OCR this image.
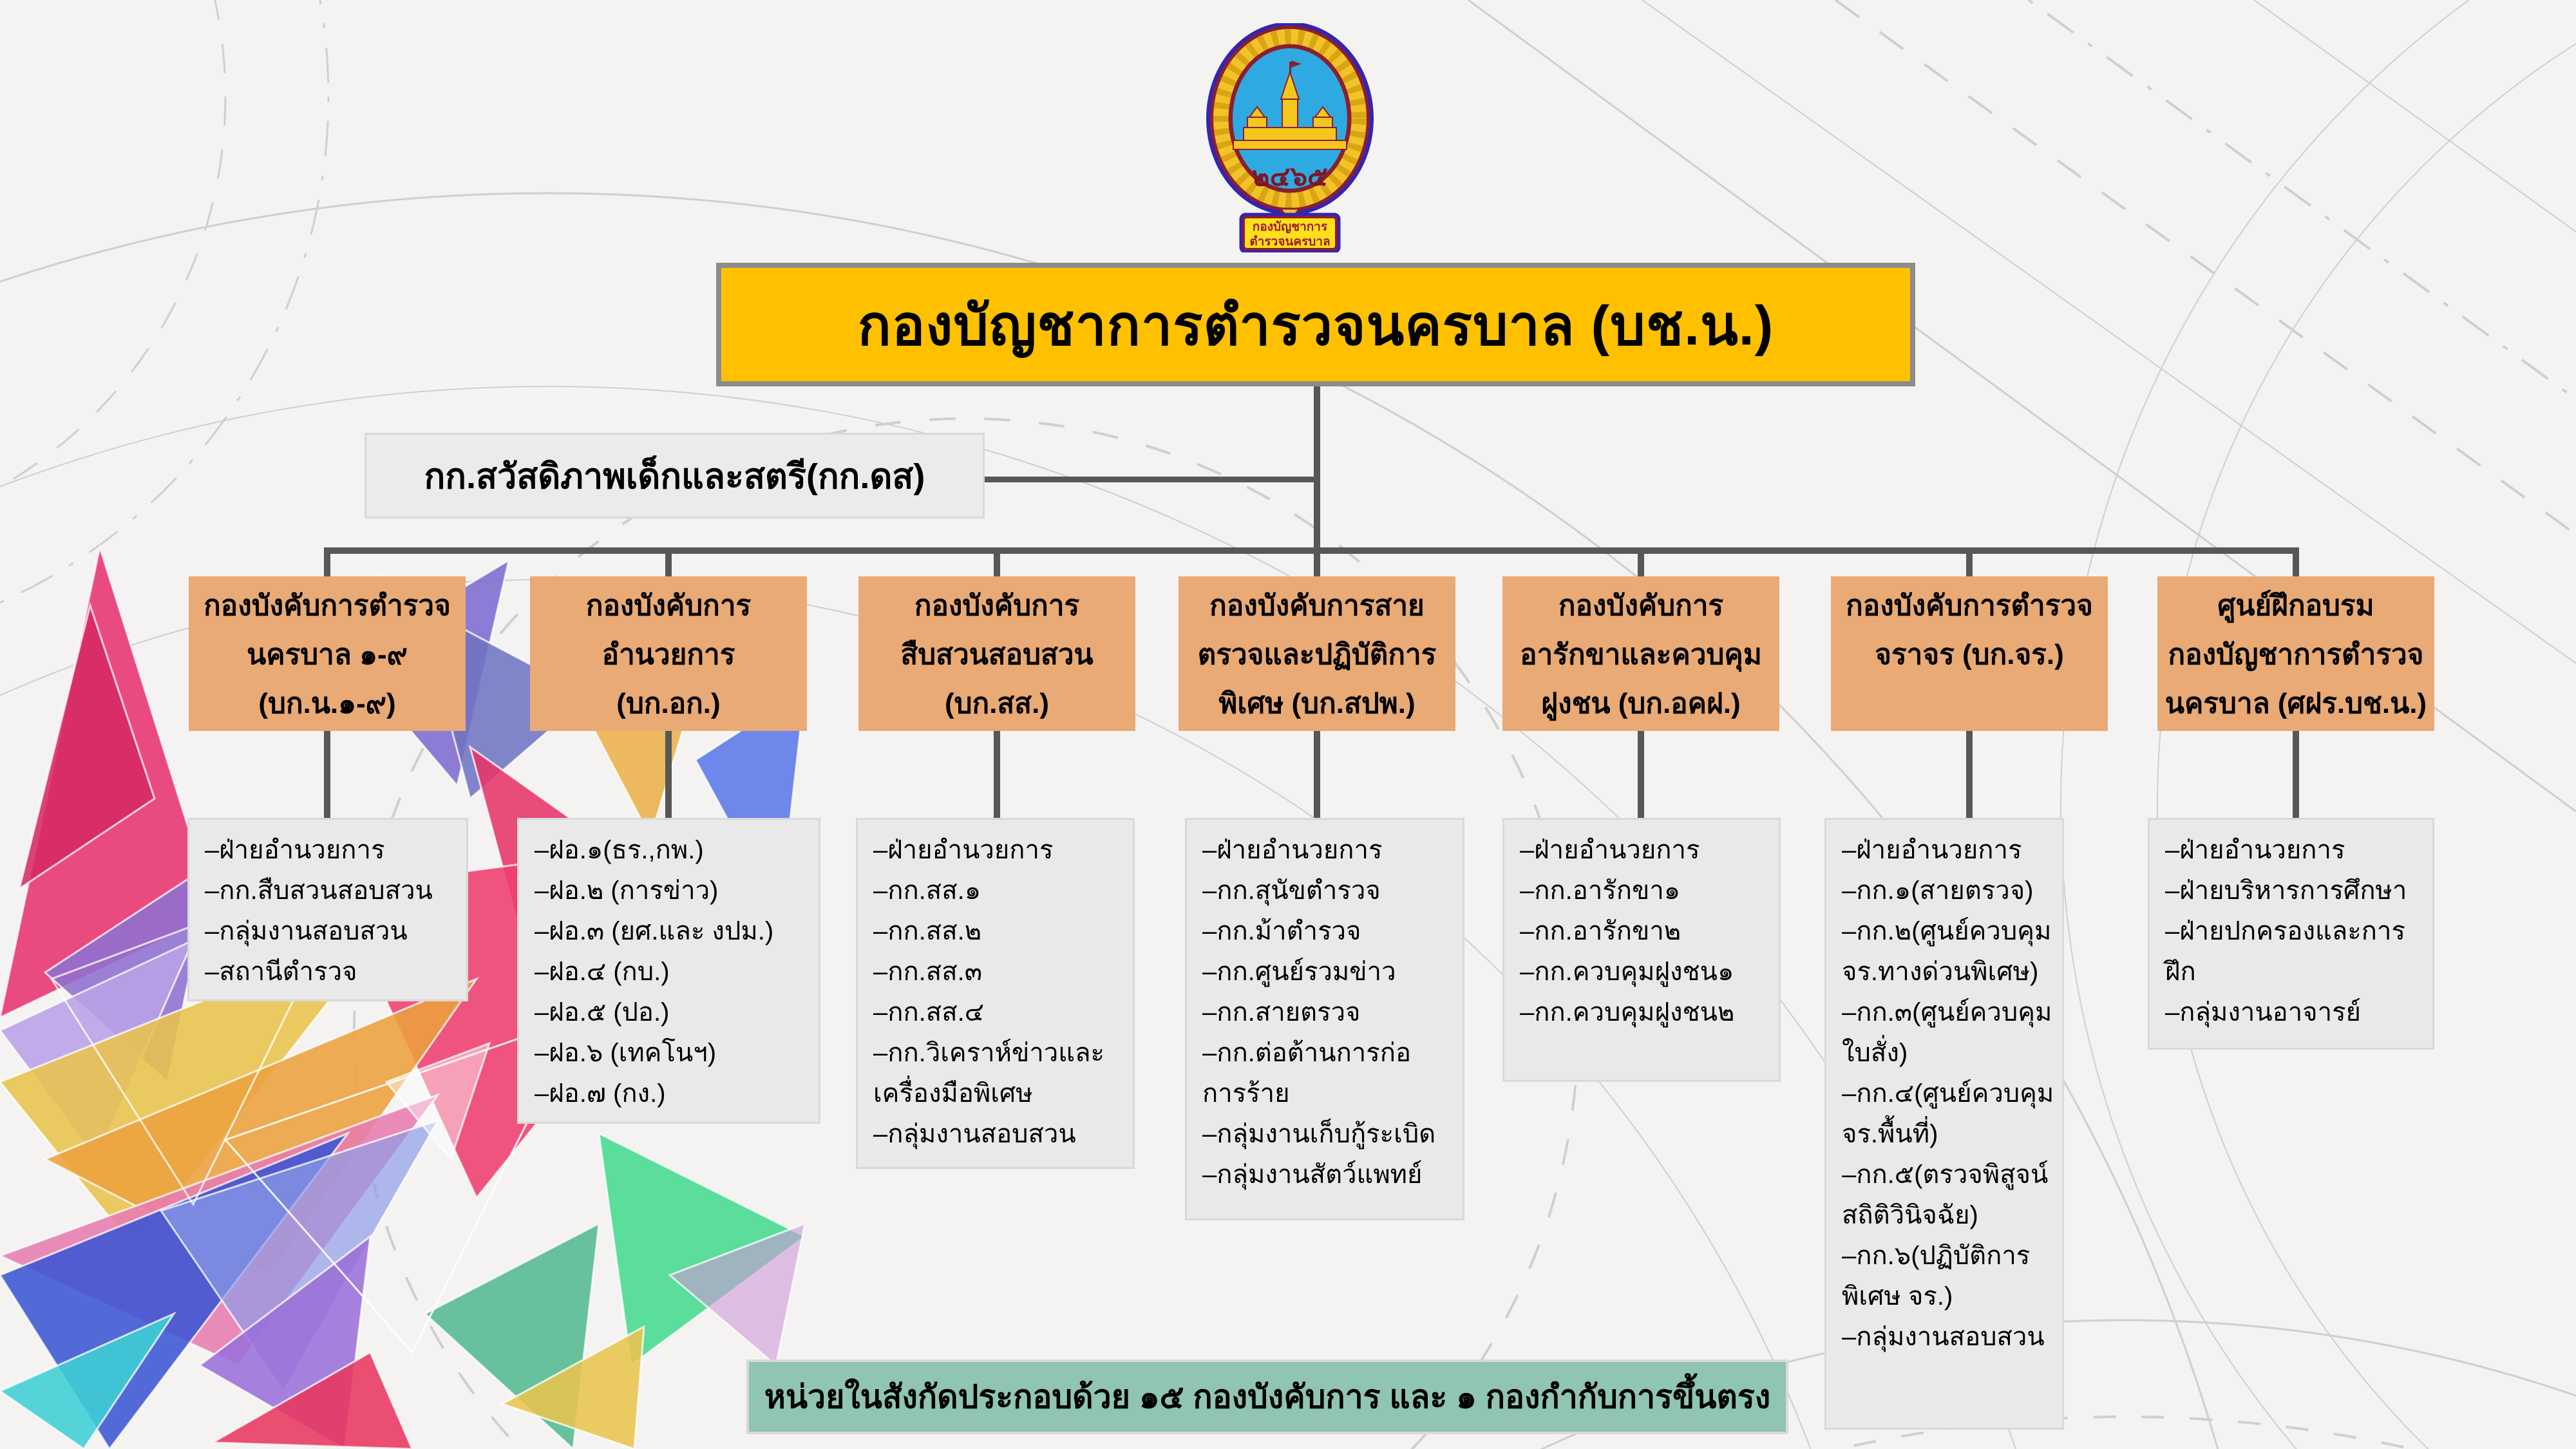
๒๔๖๕
กองบัญชาการ
ตำรวจนครบาล
กองบัญชาการตำรวจนครบาล (บช.น.)
กก.สวัสดิภาพเด็กและสตรี(กก.ดส)
กองบังคับการตำรวจ
นครบาล ๑-๙
(บก.น.๑-๙)
กองบังคับการ
อำนวยการ
(บก.อก.)
กองบังคับการ
สืบสวนสอบสวน
(บก.สส.)
กองบังคับการสาย
ตรวจและปฏิบัติการ
พิเศษ (บก.สปพ.)
กองบังคับการ
อารักขาและควบคุม
ฝูงชน (บก.อคฝ.)
กองบังคับการตำรวจ
จราจร (บก.จร.)
ศูนย์ฝึกอบรม
กองบัญชาการตำรวจ
นครบาล (ศฝร.บช.น.)
–ฝ่ายอำนวยการ
–กก.สืบสวนสอบสวน
–กลุ่มงานสอบสวน
–สถานีตำรวจ
–ฝอ.๑(ธร.,กพ.)
–ฝอ.๒ (การข่าว)
–ฝอ.๓ (ยศ.และ งปม.)
–ฝอ.๔ (กบ.)
–ฝอ.๕ (ปอ.)
–ฝอ.๖ (เทคโนฯ)
–ฝอ.๗ (กง.)
–ฝ่ายอำนวยการ
–กก.สส.๑
–กก.สส.๒
–กก.สส.๓
–กก.สส.๔
–กก.วิเคราห์ข่าวและ เครื่องมือพิเศษ
–กลุ่มงานสอบสวน
–ฝ่ายอำนวยการ
–กก.สุนัขตำรวจ
–กก.ม้าตำรวจ
–กก.ศูนย์รวมข่าว
–กก.สายตรวจ
–กก.ต่อต้านการก่อ การร้าย
–กลุ่มงานเก็บกู้ระเบิด
–กลุ่มงานสัตว์แพทย์
–ฝ่ายอำนวยการ
–กก.อารักขา๑
–กก.อารักขา๒
–กก.ควบคุมฝูงชน๑
–กก.ควบคุมฝูงชน๒
–ฝ่ายอำนวยการ
–กก.๑(สายตรวจ)
–กก.๒(ศูนย์ควบคุม จร.ทางด่วนพิเศษ)
–กก.๓(ศูนย์ควบคุม ใบสั่ง)
–กก.๔(ศูนย์ควบคุม จร.พื้นที่)
–กก.๕(ตรวจพิสูจน์ สถิติวินิจฉัย)
–กก.๖(ปฏิบัติการ พิเศษ จร.)
–กลุ่มงานสอบสวน
–ฝ่ายอำนวยการ
–ฝ่ายบริหารการศึกษา
–ฝ่ายปกครองและการฝึก
–กลุ่มงานอาจารย์
หน่วยในสังกัดประกอบด้วย ๑๕ กองบังคับการ และ ๑ กองกำกับการขึ้นตรง
